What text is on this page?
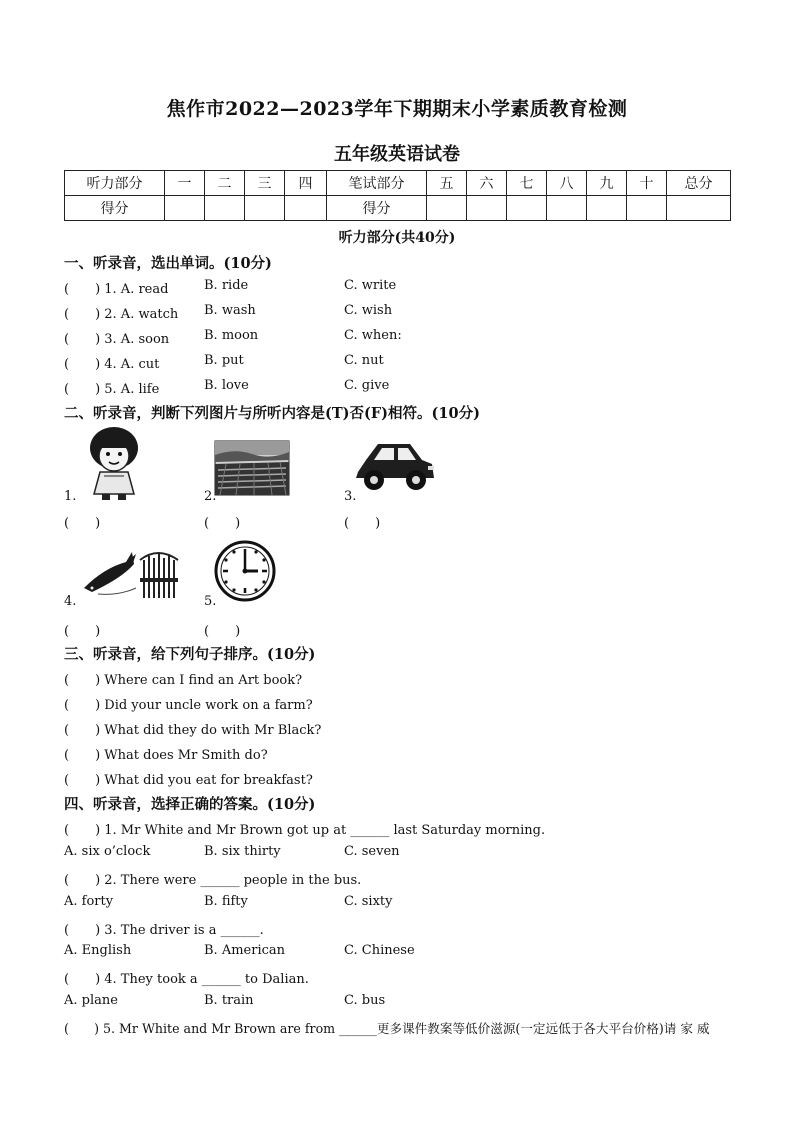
焦作市2022—2023学年下期期末小学素质教育检测
五年级英语试卷
听力部分	一	二	三	四	笔试部分	五	六	七	八	九	十	总分
得分					得分							
听力部分(共40分)
一、听录音，选出单词。(10分)
(　　) 1. A. read	B. ride	C. write
(　　) 2. A. watch B. wash	C. wish
(　　) 3. A. soon	B. moon	C. when:
(　　) 4. A. cut	B. put	C. nut
(　　) 5. A. life	B. love	C. give
二、听录音，判断下列图片与所听内容是(T)否(F)相符。(10分)
1.
(　　)
2.
(　　)
3.
(　　)
4.
(　　)
5.
(　　)
三、听录音，给下列句子排序。(10分)
(　　) Where can I find an Art book?
(　　) Did your uncle work on a farm?
(　　) What did they do with Mr Black?
(　　) What does Mr Smith do?
(　　) What did you eat for breakfast?
四、听录音，选择正确的答案。(10分)
(　　) 1. Mr White and Mr Brown got up at ______ last Saturday morning.
A. six o’clock	B. six thirty	C. seven
(　　) 2. There were ______ people in the bus.
A. forty	B. fifty	C. sixty
(　　) 3. The driver is a ______.
A. English	B. American	C. Chinese
(　　) 4. They took a ______ to Dalian.
A. plane	B. train	C. bus
(　　) 5. Mr White and Mr Brown are from ______更多课件教案等低价滋源(一定远低于各大平台价格)请 家 威
